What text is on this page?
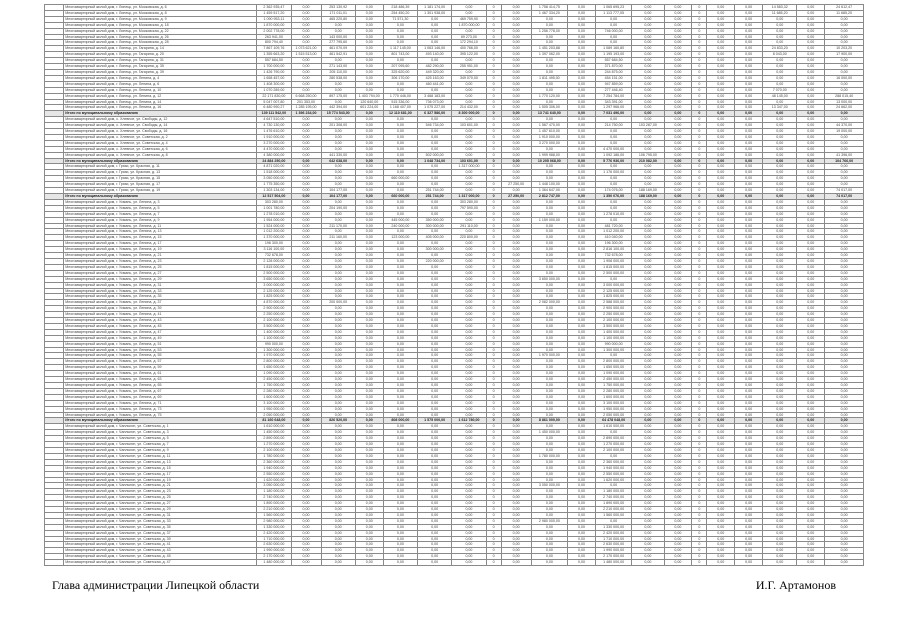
	Многоквартирный жилой дом, г. Липецк, ул. Московская, д. 6	2 362 935,47	0,00	253 130,92	0,00	218 486,39	1 181 174,00	0,00	0	0,00	1 758 414,75	0,00	1 065 695,23	0,00	0,00	0	0,00	0,00	14 583,32	0,00	24 612,47
	Многоквартирный жилой дом, г. Липецк, ул. Московская, д. 8	1 459 517,20	0,00	171 011,01	0,00	254 450,20	1 301 938,00	0,00	0	0,00	1 467 334,20	0,00	1 113 777,05	0,00	0,00	0	0,00	0,00	11 685,20	0,00	11 685,20
	Многоквартирный жилой дом, г. Липецк, ул. Московская, д. 9	1 090 953,11	0,00	465 220,80	0,00	71 571,30	0,00	469 759,90	0	0,00	0,00	0,00	0,00	0,00	0,00	0	0,00	0,00	0,00	0,00	0,00
	Многоквартирный жилой дом, г. Липецк, ул. Московская, д. 18	1 870 000,00	0,00	0,00	0,00	0,00	0,00	1 870 000,00	0	0,00	0,00	0,00	0,00	0,00	0,00	0	0,00	0,00	0,00	0,00	0,00
	Многоквартирный жилой дом, г. Липецк, ул. Московская, д. 22	2 002 778,00	0,00	0,00	0,00	0,00	0,00	0,00	0	0,00	1 256 778,00	0,00	746 000,00	0,00	0,00	0	0,00	0,00	0,00	0,00	0,00
	Многоквартирный жилой дом, г. Липецк, ул. Московская, д. 26	263 941,00	0,00	143 000,00	0,00	0,00	0,00	69 273,00	0	0,00	0,00	0,00	0,00	0,00	0,00	0	0,00	0,00	0,00	0,00	0,00
	Многоквартирный жилой дом, г. Липецк, ул. Московская, д. 28	800 794,40	0,00	277 795,60	0,00	0,00	0,00	172 294,10	0	0,00	0,00	0,00	0,00	0,00	0,00	0	0,00	0,00	0,00	0,00	0,00
	Многоквартирный жилой дом, г. Липецк, ул. Гагарина, д. 14	7 867 109,76	1 073 621,00	461 070,09	0,00	1 117 145,00	1 063 146,00	400 766,00	0	0,00	1 451 203,88	0,00	1 089 160,80	0,00	0,00	0	0,00	0,00	24 833,20	0,00	10 203,20
	Многоквартирный жилой дом, г. Липецк, ул. Гагарина, д. 20	1 355 663,20	1 515 513,00	461 542,91	0,00	801 743,00	493 140,00	395 122,00	0	0,00	1 397 062,00	0,00	1 195 193,00	0,00	0,00	0	0,00	0,00	8 043,00	0,00	17 900,00
	Многоквартирный жилой дом, г. Липецк, ул. Гагарина, д. 31	557 684,50	0,00	0,00	0,00	0,00	0,00	0,00	0	0,00	0,00	0,00	557 684,50	0,00	0,00	0	0,00	0,00	0,00	0,00	0,00
	Многоквартирный жилой дом, г. Липецк, ул. Гагарина, д. 35	1 700 000,00	0,00	271 143,00	0,00	207 095,60	482 290,00	255 951,00	0	0,00	0,00	0,00	371 870,00	0,00	0,00	0	0,00	0,00	0,00	0,00	0,00
	Многоквартирный жилой дом, г. Липецк, ул. Гагарина, д. 39	1 426 790,00	0,00	205 110,00	0,00	325 620,00	449 320,00	0,00	0	0,00	0,00	0,00	244 875,00	0,00	0,00	0	0,00	0,00	0,00	0,00	0,00
	Многоквартирный жилой дом, г. Липецк, ул. Ленина, д. 4	1 658 457,00	0,00	280 538,00	0,00	306 170,00	425 163,00	349 070,00	0	0,00	1 811 495,00	0,00	454 151,00	0,00	0,00	0	0,00	0,00	0,00	0,00	16 000,00
	Многоквартирный жилой дом, г. Липецк, ул. Ленина, д. 6	1 408 300,00	0,00	0,00	0,00	0,00	460 441,00	0,00	0	0,00	0,00	0,00	947 859,00	0,00	0,00	0	0,00	0,00	0,00	0,00	0,00
	Многоквартирный жилой дом, г. Липецк, ул. Ленина, д. 10	1 070 289,00	0,00	0,00	0,00	0,00	0,00	0,00	0	0,00	0,00	0,00	277 446,40	0,00	0,00	0	0,00	0,00	7 070,00	0,00	0,00
	Многоквартирный жилой дом, г. Липецк, ул. Ленина, д. 12	22 171 830,00	6 668 250,00	897 175,00	1 403 794,00	1 770 446,00	3 468 183,00	0,00	0	0,00	1 770 120,00	0,00	7 254 784,00	0,00	0,00	0	0,00	0,00	48 145,00	0,00	288 015,40
	Многоквартирный жилой дом, г. Липецк, ул. Ленина, д. 14	5 047 007,80	201 353,00	0,00	120 640,00	515 336,00	736 073,00	0,00	0	0,00	0,00	0,00	343 391,00	0,00	0,00	0	0,00	0,00	0,00	0,00	13 000,00
	Многоквартирный жилой дом, г. Липецк, ул. Ленина, д. 16	6 480 990,27	1 285 195,00	442 394,00	601 224,00	1 168 407,00	1 075 227,00	214 432,00	0	0,00	1 505 306,00	0,00	1 297 966,00	0,00	0,00	0	0,00	0,00	13 347,00	0,00	24 662,00
	Итого по муниципальному образованию	139 111 542,00	1 396 234,00	15 774 543,00	0,00	12 110 681,00	6 327 586,00	8 300 000,00	0	0,00	13 741 640,00	0,00	7 031 496,00	0,00	0,00	0	0,00	0,00	0,00	0,00	0,00
	Многоквартирный жилой дом, с. Хлевное, ул. Свободы, д. 12	4 647 510,00	0,00	0,00	0,00	0,00	0,00	0,00	0	0,00	0,00	0,00	0,00	0,00	0,00	0	0,00	0,00	0,00	0,00	0,00
	Многоквартирный жилой дом, с. Хлевное, ул. Свободы, д. 14	4 730 130,00	0,00	201 308,00	0,00	0,00	546 734,00	103 601,00	0	0,00	1 567 470,00	0,00	214 750,00	103 287,00	0,00	0	0,00	0,00	0,00	0,00	44 370,00
	Многоквартирный жилой дом, с. Хлевное, ул. Свободы, д. 16	1 476 610,00	0,00	0,00	0,00	0,00	0,00	0,00	0	0,00	1 457 610,00	0,00	0,00	0,00	0,00	0	0,00	0,00	0,00	0,00	19 000,00
	Многоквартирный жилой дом, с. Хлевное, ул. Советская, д. 2	1 910 000,00	0,00	0,00	0,00	0,00	0,00	0,00	0	0,00	1 910 000,00	0,00	0,00	0,00	0,00	0	0,00	0,00	0,00	0,00	0,00
	Многоквартирный жилой дом, с. Хлевное, ул. Советская, д. 4	3 270 000,00	0,00	0,00	0,00	0,00	0,00	0,00	0	0,00	3 270 000,00	0,00	0,00	0,00	0,00	0	0,00	0,00	0,00	0,00	0,00
	Многоквартирный жилой дом, с. Хлевное, ул. Советская, д. 6	4 470 000,00	0,00	0,00	0,00	0,00	0,00	0,00	0	0,00	0,00	0,00	4 470 000,00	0,00	0,00	0	0,00	0,00	0,00	0,00	0,00
	Многоквартирный жилой дом, с. Хлевное, ул. Советская, д. 8	4 380 000,00	0,00	441 330,00	0,00	0,00	502 000,00	0,00	0	0,00	1 999 988,00	0,00	1 092 186,00	106 795,00	0,00	0	0,00	0,00	0,00	0,00	41 396,00
	Итого по муниципальному образованию	24 884 250,00	0,00	642 638,00	0,00	0,00	1 048 734,00	103 601,00	0	0,00	10 205 068,00	0,00	5 776 936,00	210 082,00	0,00	0	0,00	0,00	0,00	0,00	104 766,00
	Многоквартирный жилой дом, г. Грязи, ул. Красная, д. 11	4 871 020,00	0,00	0,00	0,00	0,00	0,00	1 317 000,00	0	0,00	0,00	0,00	0,00	0,00	0,00	0	0,00	0,00	0,00	0,00	0,00
	Многоквартирный жилой дом, г. Грязи, ул. Красная, д. 13	1 518 000,00	0,00	0,00	0,00	0,00	0,00	0,00	0	0,00	0,00	0,00	1 176 000,00	0,00	0,00	0	0,00	0,00	0,00	0,00	0,00
	Многоквартирный жилой дом, г. Грязи, ул. Красная, д. 15	3 050 000,00	0,00	0,00	0,00	660 000,00	0,00	0,00	0	0,00	0,00	0,00	0,00	0,00	0,00	0	0,00	0,00	0,00	0,00	0,00
	Многоквартирный жилой дом, г. Грязи, ул. Красная, д. 17	1 775 350,00	0,00	0,00	0,00	0,00	0,00	0,00	0	27 250,00	1 448 100,00	0,00	0,00	0,00	0,00	0	0,00	0,00	0,00	0,00	0,00
	Многоквартирный жилой дом, г. Грязи, ул. Красная, д. 19	1 303 134,00	0,00	104 177,00	0,00	0,00	251 744,00	0,00	0	0,00	1 364 647,00	0,00	174 076,00	188 169,00	0,00	0	0,00	0,00	0,00	0,00	74 017,00
	Итого по муниципальному образованию	12 517 504,00	0,00	104 177,00	0,00	660 000,00	251 744,00	1 317 000,00	0	27 250,00	2 812 747,00	0,00	1 350 076,00	188 169,00	0,00	0	0,00	0,00	0,00	0,00	74 017,00
	Многоквартирный жилой дом, г. Усмань, ул. Ленина, д. 3	303 280,00	0,00	0,00	0,00	0,00	0,00	303 280,00	0	0,00	0,00	0,00	0,00	0,00	0,00	0	0,00	0,00	0,00	0,00	0,00
	Многоквартирный жилой дом, г. Усмань, ул. Ленина, д. 5	1 001 780,00	0,00	204 190,00	0,00	0,00	0,00	797 590,00	0	0,00	0,00	0,00	0,00	0,00	0,00	0	0,00	0,00	0,00	0,00	0,00
	Многоквартирный жилой дом, г. Усмань, ул. Ленина, д. 7	1 278 010,00	0,00	0,00	0,00	0,00	0,00	0,00	0	0,00	0,00	0,00	1 278 010,00	0,00	0,00	0	0,00	0,00	0,00	0,00	0,00
	Многоквартирный жилой дом, г. Усмань, ул. Ленина, д. 9	1 954 000,00	0,00	0,00	0,00	445 000,00	350 000,00	0,00	0	0,00	1 159 000,00	0,00	0,00	0,00	0,00	0	0,00	0,00	0,00	0,00	0,00
	Многоквартирный жилой дом, г. Усмань, ул. Ленина, д. 11	1 524 000,00	0,00	211 170,00	0,00	240 000,00	300 000,00	291 110,00	0	0,00	0,00	0,00	481 720,00	0,00	0,00	0	0,00	0,00	0,00	0,00	0,00
	Многоквартирный жилой дом, г. Усмань, ул. Ленина, д. 13	1 012 200,00	0,00	0,00	0,00	0,00	0,00	0,00	0	0,00	0,00	0,00	1 012 200,00	0,00	0,00	0	0,00	0,00	0,00	0,00	0,00
	Многоквартирный жилой дом, г. Усмань, ул. Ленина, д. 15	1 370 000,00	0,00	211 160,00	0,00	123 000,00	405 000,00	220 800,00	0	0,00	0,00	0,00	410 040,00	0,00	0,00	0	0,00	0,00	0,00	0,00	0,00
	Многоквартирный жилой дом, г. Усмань, ул. Ленина, д. 17	196 300,00	0,00	0,00	0,00	0,00	0,00	0,00	0	0,00	0,00	0,00	196 300,00	0,00	0,00	0	0,00	0,00	0,00	0,00	0,00
	Многоквартирный жилой дом, г. Усмань, ул. Ленина, д. 19	3 116 100,00	0,00	0,00	0,00	0,00	300 000,00	0,00	0	0,00	0,00	0,00	2 816 100,00	0,00	0,00	0	0,00	0,00	0,00	0,00	0,00
	Многоквартирный жилой дом, г. Усмань, ул. Ленина, д. 21	732 678,00	0,00	0,00	0,00	0,00	0,00	0,00	0	0,00	0,00	0,00	732 678,00	0,00	0,00	0	0,00	0,00	0,00	0,00	0,00
	Многоквартирный жилой дом, г. Усмань, ул. Ленина, д. 23	2 128 000,00	0,00	0,00	0,00	0,00	220 000,00	0,00	0	0,00	0,00	0,00	1 908 000,00	0,00	0,00	0	0,00	0,00	0,00	0,00	0,00
	Многоквартирный жилой дом, г. Усмань, ул. Ленина, д. 25	1 815 000,00	0,00	0,00	0,00	0,00	0,00	0,00	0	0,00	0,00	0,00	1 815 000,00	0,00	0,00	0	0,00	0,00	0,00	0,00	0,00
	Многоквартирный жилой дом, г. Усмань, ул. Ленина, д. 27	2 500 000,00	0,00	0,00	0,00	0,00	0,00	0,00	0	0,00	0,00	0,00	2 500 000,00	0,00	0,00	0	0,00	0,00	0,00	0,00	0,00
	Многоквартирный жилой дом, г. Усмань, ул. Ленина, д. 29	3 650 000,00	0,00	0,00	0,00	0,00	0,00	0,00	0	0,00	3 650 000,00	0,00	0,00	0,00	0,00	0	0,00	0,00	0,00	0,00	0,00
	Многоквартирный жилой дом, г. Усмань, ул. Ленина, д. 31	3 000 000,00	0,00	0,00	0,00	0,00	0,00	0,00	0	0,00	0,00	0,00	3 000 000,00	0,00	0,00	0	0,00	0,00	0,00	0,00	0,00
	Многоквартирный жилой дом, г. Усмань, ул. Ленина, д. 33	2 125 000,00	0,00	0,00	0,00	0,00	0,00	0,00	0	0,00	0,00	0,00	2 125 000,00	0,00	0,00	0	0,00	0,00	0,00	0,00	0,00
	Многоквартирный жилой дом, г. Усмань, ул. Ленина, д. 35	1 825 000,00	0,00	0,00	0,00	0,00	0,00	0,00	0	0,00	0,00	0,00	1 825 000,00	0,00	0,00	0	0,00	0,00	0,00	0,00	0,00
	Многоквартирный жилой дом, г. Усмань, ул. Ленина, д. 37	4 870 000,00	0,00	200 000,00	0,00	0,00	0,00	0,00	0	0,00	2 082 000,00	0,00	2 588 000,00	0,00	0,00	0	0,00	0,00	0,00	0,00	0,00
	Многоквартирный жилой дом, г. Усмань, ул. Ленина, д. 39	2 900 000,00	0,00	0,00	0,00	0,00	0,00	0,00	0	0,00	0,00	0,00	2 900 000,00	0,00	0,00	0	0,00	0,00	0,00	0,00	0,00
	Многоквартирный жилой дом, г. Усмань, ул. Ленина, д. 41	2 250 000,00	0,00	0,00	0,00	0,00	0,00	0,00	0	0,00	0,00	0,00	2 250 000,00	0,00	0,00	0	0,00	0,00	0,00	0,00	0,00
	Многоквартирный жилой дом, г. Усмань, ул. Ленина, д. 43	2 100 000,00	0,00	0,00	0,00	0,00	0,00	0,00	0	0,00	0,00	0,00	2 100 000,00	0,00	0,00	0	0,00	0,00	0,00	0,00	0,00
	Многоквартирный жилой дом, г. Усмань, ул. Ленина, д. 45	3 500 000,00	0,00	0,00	0,00	0,00	0,00	0,00	0	0,00	0,00	0,00	3 500 000,00	0,00	0,00	0	0,00	0,00	0,00	0,00	0,00
	Многоквартирный жилой дом, г. Усмань, ул. Ленина, д. 47	1 400 000,00	0,00	0,00	0,00	0,00	0,00	0,00	0	0,00	0,00	0,00	1 400 000,00	0,00	0,00	0	0,00	0,00	0,00	0,00	0,00
	Многоквартирный жилой дом, г. Усмань, ул. Ленина, д. 49	1 100 000,00	0,00	0,00	0,00	0,00	0,00	0,00	0	0,00	0,00	0,00	1 100 000,00	0,00	0,00	0	0,00	0,00	0,00	0,00	0,00
	Многоквартирный жилой дом, г. Усмань, ул. Ленина, д. 51	990 000,00	0,00	0,00	0,00	0,00	0,00	0,00	0	0,00	0,00	0,00	990 000,00	0,00	0,00	0	0,00	0,00	0,00	0,00	0,00
	Многоквартирный жилой дом, г. Усмань, ул. Ленина, д. 53	1 300 000,00	0,00	0,00	0,00	0,00	0,00	0,00	0	0,00	0,00	0,00	1 300 000,00	0,00	0,00	0	0,00	0,00	0,00	0,00	0,00
	Многоквартирный жилой дом, г. Усмань, ул. Ленина, д. 55	1 970 000,00	0,00	0,00	0,00	0,00	0,00	0,00	0	0,00	1 970 000,00	0,00	0,00	0,00	0,00	0	0,00	0,00	0,00	0,00	0,00
	Многоквартирный жилой дом, г. Усмань, ул. Ленина, д. 57	2 800 000,00	0,00	0,00	0,00	0,00	0,00	0,00	0	0,00	0,00	0,00	2 800 000,00	0,00	0,00	0	0,00	0,00	0,00	0,00	0,00
	Многоквартирный жилой дом, г. Усмань, ул. Ленина, д. 59	1 650 000,00	0,00	0,00	0,00	0,00	0,00	0,00	0	0,00	0,00	0,00	1 650 000,00	0,00	0,00	0	0,00	0,00	0,00	0,00	0,00
	Многоквартирный жилой дом, г. Усмань, ул. Ленина, д. 61	1 090 000,00	0,00	0,00	0,00	0,00	0,00	0,00	0	0,00	0,00	0,00	1 090 000,00	0,00	0,00	0	0,00	0,00	0,00	0,00	0,00
	Многоквартирный жилой дом, г. Усмань, ул. Ленина, д. 63	2 450 000,00	0,00	0,00	0,00	0,00	0,00	0,00	0	0,00	0,00	0,00	2 450 000,00	0,00	0,00	0	0,00	0,00	0,00	0,00	0,00
	Многоквартирный жилой дом, г. Усмань, ул. Ленина, д. 65	1 750 000,00	0,00	0,00	0,00	0,00	0,00	0,00	0	0,00	0,00	0,00	1 750 000,00	0,00	0,00	0	0,00	0,00	0,00	0,00	0,00
	Многоквартирный жилой дом, г. Усмань, ул. Ленина, д. 67	2 280 000,00	0,00	0,00	0,00	0,00	0,00	0,00	0	0,00	0,00	0,00	2 280 000,00	0,00	0,00	0	0,00	0,00	0,00	0,00	0,00
	Многоквартирный жилой дом, г. Усмань, ул. Ленина, д. 69	1 600 000,00	0,00	0,00	0,00	0,00	0,00	0,00	0	0,00	0,00	0,00	1 600 000,00	0,00	0,00	0	0,00	0,00	0,00	0,00	0,00
	Многоквартирный жилой дом, г. Усмань, ул. Ленина, д. 71	3 100 000,00	0,00	0,00	0,00	0,00	0,00	0,00	0	0,00	0,00	0,00	3 100 000,00	0,00	0,00	0	0,00	0,00	0,00	0,00	0,00
	Многоквартирный жилой дом, г. Усмань, ул. Ленина, д. 73	1 950 000,00	0,00	0,00	0,00	0,00	0,00	0,00	0	0,00	0,00	0,00	1 950 000,00	0,00	0,00	0	0,00	0,00	0,00	0,00	0,00
	Многоквартирный жилой дом, г. Усмань, ул. Ленина, д. 75	2 050 000,00	0,00	0,00	0,00	0,00	0,00	0,00	0	0,00	0,00	0,00	2 050 000,00	0,00	0,00	0	0,00	0,00	0,00	0,00	0,00
	Итого по муниципальному образованию	81 160 648,00	0,00	826 520,00	0,00	808 000,00	1 575 000,00	1 612 780,00	0	0,00	8 861 000,00	0,00	64 478 048,00	0,00	0,00	0	0,00	0,00	0,00	0,00	0,00
	Многоквартирный жилой дом, г. Чаплыгин, ул. Советская, д. 1	1 610 000,00	0,00	0,00	0,00	0,00	0,00	0,00	0	0,00	0,00	0,00	1 610 000,00	0,00	0,00	0	0,00	0,00	0,00	0,00	0,00
	Многоквартирный жилой дом, г. Чаплыгин, ул. Советская, д. 3	1 450 000,00	0,00	0,00	0,00	0,00	0,00	0,00	0	0,00	1 450 000,00	0,00	0,00	0,00	0,00	0	0,00	0,00	0,00	0,00	0,00
	Многоквартирный жилой дом, г. Чаплыгин, ул. Советская, д. 5	2 890 000,00	0,00	0,00	0,00	0,00	0,00	0,00	0	0,00	0,00	0,00	2 890 000,00	0,00	0,00	0	0,00	0,00	0,00	0,00	0,00
	Многоквартирный жилой дом, г. Чаплыгин, ул. Советская, д. 7	1 270 000,00	0,00	0,00	0,00	0,00	0,00	0,00	0	0,00	0,00	0,00	1 270 000,00	0,00	0,00	0	0,00	0,00	0,00	0,00	0,00
	Многоквартирный жилой дом, г. Чаплыгин, ул. Советская, д. 9	2 100 000,00	0,00	0,00	0,00	0,00	0,00	0,00	0	0,00	0,00	0,00	2 100 000,00	0,00	0,00	0	0,00	0,00	0,00	0,00	0,00
	Многоквартирный жилой дом, г. Чаплыгин, ул. Советская, д. 11	1 780 000,00	0,00	0,00	0,00	0,00	0,00	0,00	0	0,00	1 780 000,00	0,00	0,00	0,00	0,00	0	0,00	0,00	0,00	0,00	0,00
	Многоквартирный жилой дом, г. Чаплыгин, ул. Советская, д. 13	2 360 000,00	0,00	0,00	0,00	0,00	0,00	0,00	0	0,00	0,00	0,00	2 360 000,00	0,00	0,00	0	0,00	0,00	0,00	0,00	0,00
	Многоквартирный жилой дом, г. Чаплыгин, ул. Советская, д. 15	1 940 000,00	0,00	0,00	0,00	0,00	0,00	0,00	0	0,00	0,00	0,00	1 940 000,00	0,00	0,00	0	0,00	0,00	0,00	0,00	0,00
	Многоквартирный жилой дом, г. Чаплыгин, ул. Советская, д. 17	2 550 000,00	0,00	0,00	0,00	0,00	0,00	0,00	0	0,00	0,00	0,00	2 550 000,00	0,00	0,00	0	0,00	0,00	0,00	0,00	0,00
	Многоквартирный жилой дом, г. Чаплыгин, ул. Советская, д. 19	1 620 000,00	0,00	0,00	0,00	0,00	0,00	0,00	0	0,00	0,00	0,00	1 620 000,00	0,00	0,00	0	0,00	0,00	0,00	0,00	0,00
	Многоквартирный жилой дом, г. Чаплыгин, ул. Советская, д. 21	3 050 000,00	0,00	0,00	0,00	0,00	0,00	0,00	0	0,00	3 050 000,00	0,00	0,00	0,00	0,00	0	0,00	0,00	0,00	0,00	0,00
	Многоквартирный жилой дом, г. Чаплыгин, ул. Советская, д. 23	1 180 000,00	0,00	0,00	0,00	0,00	0,00	0,00	0	0,00	0,00	0,00	1 180 000,00	0,00	0,00	0	0,00	0,00	0,00	0,00	0,00
	Многоквартирный жилой дом, г. Чаплыгин, ул. Советская, д. 25	2 740 000,00	0,00	0,00	0,00	0,00	0,00	0,00	0	0,00	0,00	0,00	2 740 000,00	0,00	0,00	0	0,00	0,00	0,00	0,00	0,00
	Многоквартирный жилой дом, г. Чаплыгин, ул. Советская, д. 27	1 890 000,00	0,00	0,00	0,00	0,00	0,00	0,00	0	0,00	0,00	0,00	1 890 000,00	0,00	0,00	0	0,00	0,00	0,00	0,00	0,00
	Многоквартирный жилой дом, г. Чаплыгин, ул. Советская, д. 29	2 210 000,00	0,00	0,00	0,00	0,00	0,00	0,00	0	0,00	0,00	0,00	2 210 000,00	0,00	0,00	0	0,00	0,00	0,00	0,00	0,00
	Многоквартирный жилой дом, г. Чаплыгин, ул. Советская, д. 31	1 560 000,00	0,00	0,00	0,00	0,00	0,00	0,00	0	0,00	0,00	0,00	1 560 000,00	0,00	0,00	0	0,00	0,00	0,00	0,00	0,00
	Многоквартирный жилой дом, г. Чаплыгин, ул. Советская, д. 33	2 980 000,00	0,00	0,00	0,00	0,00	0,00	0,00	0	0,00	2 980 000,00	0,00	0,00	0,00	0,00	0	0,00	0,00	0,00	0,00	0,00
	Многоквартирный жилой дом, г. Чаплыгин, ул. Советская, д. 35	1 330 000,00	0,00	0,00	0,00	0,00	0,00	0,00	0	0,00	0,00	0,00	1 330 000,00	0,00	0,00	0	0,00	0,00	0,00	0,00	0,00
	Многоквартирный жилой дом, г. Чаплыгин, ул. Советская, д. 37	2 420 000,00	0,00	0,00	0,00	0,00	0,00	0,00	0	0,00	0,00	0,00	2 420 000,00	0,00	0,00	0	0,00	0,00	0,00	0,00	0,00
	Многоквартирный жилой дом, г. Чаплыгин, ул. Советская, д. 39	1 710 000,00	0,00	0,00	0,00	0,00	0,00	0,00	0	0,00	0,00	0,00	1 710 000,00	0,00	0,00	0	0,00	0,00	0,00	0,00	0,00
	Многоквартирный жилой дом, г. Чаплыгин, ул. Советская, д. 41	2 630 000,00	0,00	0,00	0,00	0,00	0,00	0,00	0	0,00	0,00	0,00	2 630 000,00	0,00	0,00	0	0,00	0,00	0,00	0,00	0,00
	Многоквартирный жилой дом, г. Чаплыгин, ул. Советская, д. 43	1 990 000,00	0,00	0,00	0,00	0,00	0,00	0,00	0	0,00	0,00	0,00	1 990 000,00	0,00	0,00	0	0,00	0,00	0,00	0,00	0,00
	Многоквартирный жилой дом, г. Чаплыгин, ул. Советская, д. 45	2 170 000,00	0,00	0,00	0,00	0,00	0,00	0,00	0	0,00	0,00	0,00	2 170 000,00	0,00	0,00	0	0,00	0,00	0,00	0,00	0,00
	Многоквартирный жилой дом, г. Чаплыгин, ул. Советская, д. 47	1 480 000,00	0,00	0,00	0,00	0,00	0,00	0,00	0	0,00	0,00	0,00	1 480 000,00	0,00	0,00	0	0,00	0,00	0,00	0,00	0,00
Глава администрации Липецкой области	И.Г. Артамонов
